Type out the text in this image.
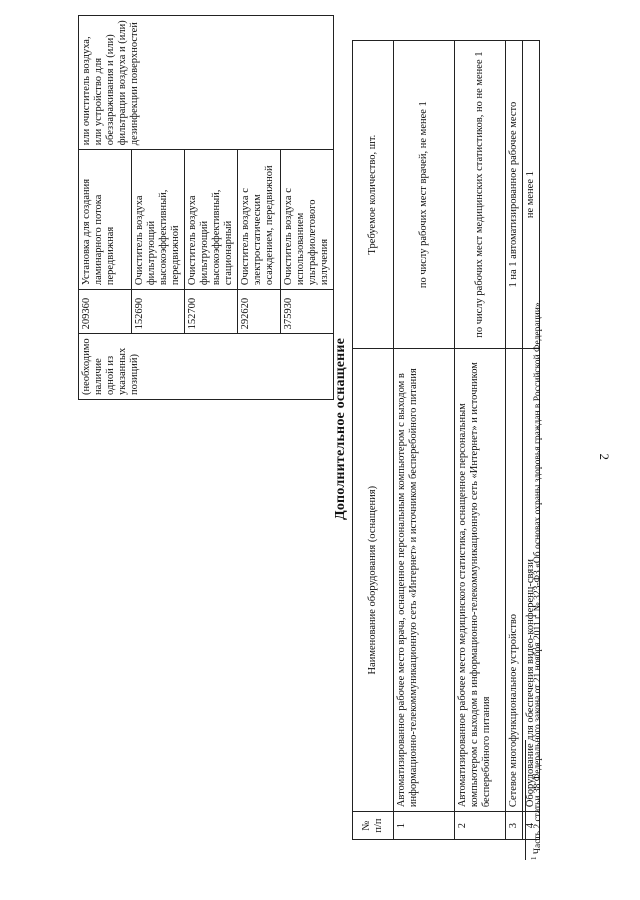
2
(необходимо наличие одной из указанных позиций)	209360	Установка для создания ламинарного потока передвижная	или очиститель воздуха, или устройство для обеззараживания и (или) фильтрации воздуха и (или) дезинфекции поверхностей
	152690	Очиститель воздуха фильтрующий высокоэффективный, передвижной	
	152700	Очиститель воздуха фильтрующий высокоэффективный, стационарный	
	292620	Очиститель воздуха с электростатическим осаждением, передвижной	
	375930	Очиститель воздуха с использованием ультрафиолетового излучения	
Дополнительное оснащение
№ п/п	Наименование оборудования (оснащения)	Требуемое количество, шт.
1	Автоматизированное рабочее место врача, оснащенное персональным компьютером с выходом в информационно-телекоммуникационную сеть «Интернет» и источником бесперебойного питания	по числу рабочих мест врачей, не менее 1
2	Автоматизированное рабочее место медицинского статистика, оснащенное персональным компьютером с выходом в информационно-телекоммуникационную сеть «Интернет» и источником бесперебойного питания	по числу рабочих мест медицинских статистиков, но не менее 1
3	Сетевое многофункциональное устройство	1 на 1 автоматизированное рабочее место
4	Оборудование для обеспечения видео-конференц-связи	не менее 1
$^1$ Часть 2 статьи 38 Федерального закона от 21 ноября 2011 г. № 323-ФЗ «Об основах охраны здоровья граждан в Российской Федерации».
